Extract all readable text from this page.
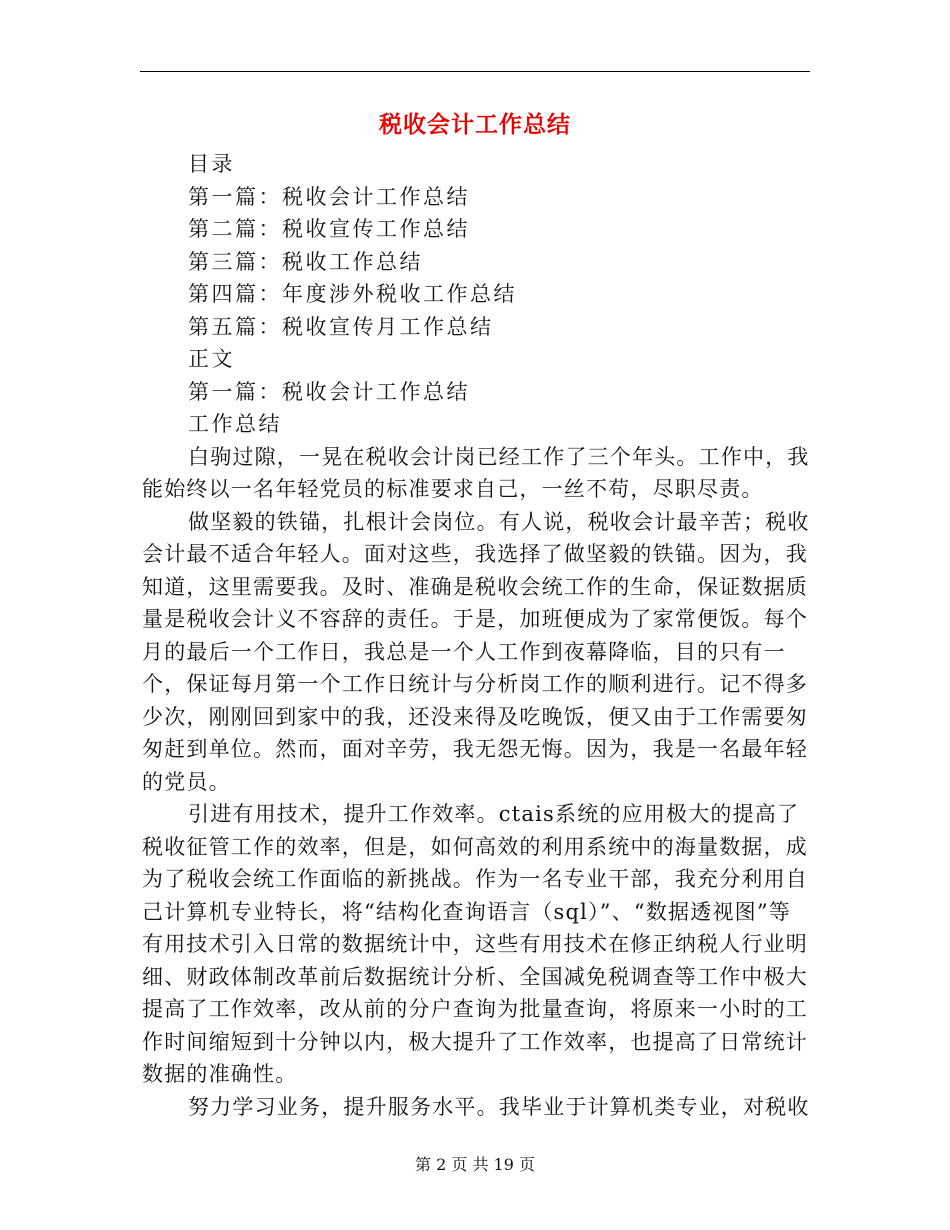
税收会计工作总结

目录

第一篇：税收会计工作总结

第二篇：税收宣传工作总结

第三篇：税收工作总结

第四篇：年度涉外税收工作总结

第五篇：税收宣传月工作总结

正文

第一篇：税收会计工作总结

工作总结

白驹过隙，一晃在税收会计岗已经工作了三个年头。工作中，我能始终以一名年轻党员的标准要求自己，一丝不苟，尽职尽责。

做坚毅的铁锚，扎根计会岗位。有人说，税收会计最辛苦；税收会计最不适合年轻人。面对这些，我选择了做坚毅的铁锚。因为，我知道，这里需要我。及时、准确是税收会统工作的生命，保证数据质量是税收会计义不容辞的责任。于是，加班便成为了家常便饭。每个月的最后一个工作日，我总是一个人工作到夜幕降临，目的只有一个，保证每月第一个工作日统计与分析岗工作的顺利进行。记不得多少次，刚刚回到家中的我，还没来得及吃晚饭，便又由于工作需要匆匆赶到单位。然而，面对辛劳，我无怨无悔。因为，我是一名最年轻的党员。

引进有用技术，提升工作效率。ctais系统的应用极大的提高了税收征管工作的效率，但是，如何高效的利用系统中的海量数据，成为了税收会统工作面临的新挑战。作为一名专业干部，我充分利用自己计算机专业特长，将“结构化查询语言（sql）”、“数据透视图”等有用技术引入日常的数据统计中，这些有用技术在修正纳税人行业明细、财政体制改革前后数据统计分析、全国减免税调查等工作中极大提高了工作效率，改从前的分户查询为批量查询，将原来一小时的工作时间缩短到十分钟以内，极大提升了工作效率，也提高了日常统计数据的准确性。

努力学习业务，提升服务水平。我毕业于计算机类专业，对税收

第 2 页 共 19 页
